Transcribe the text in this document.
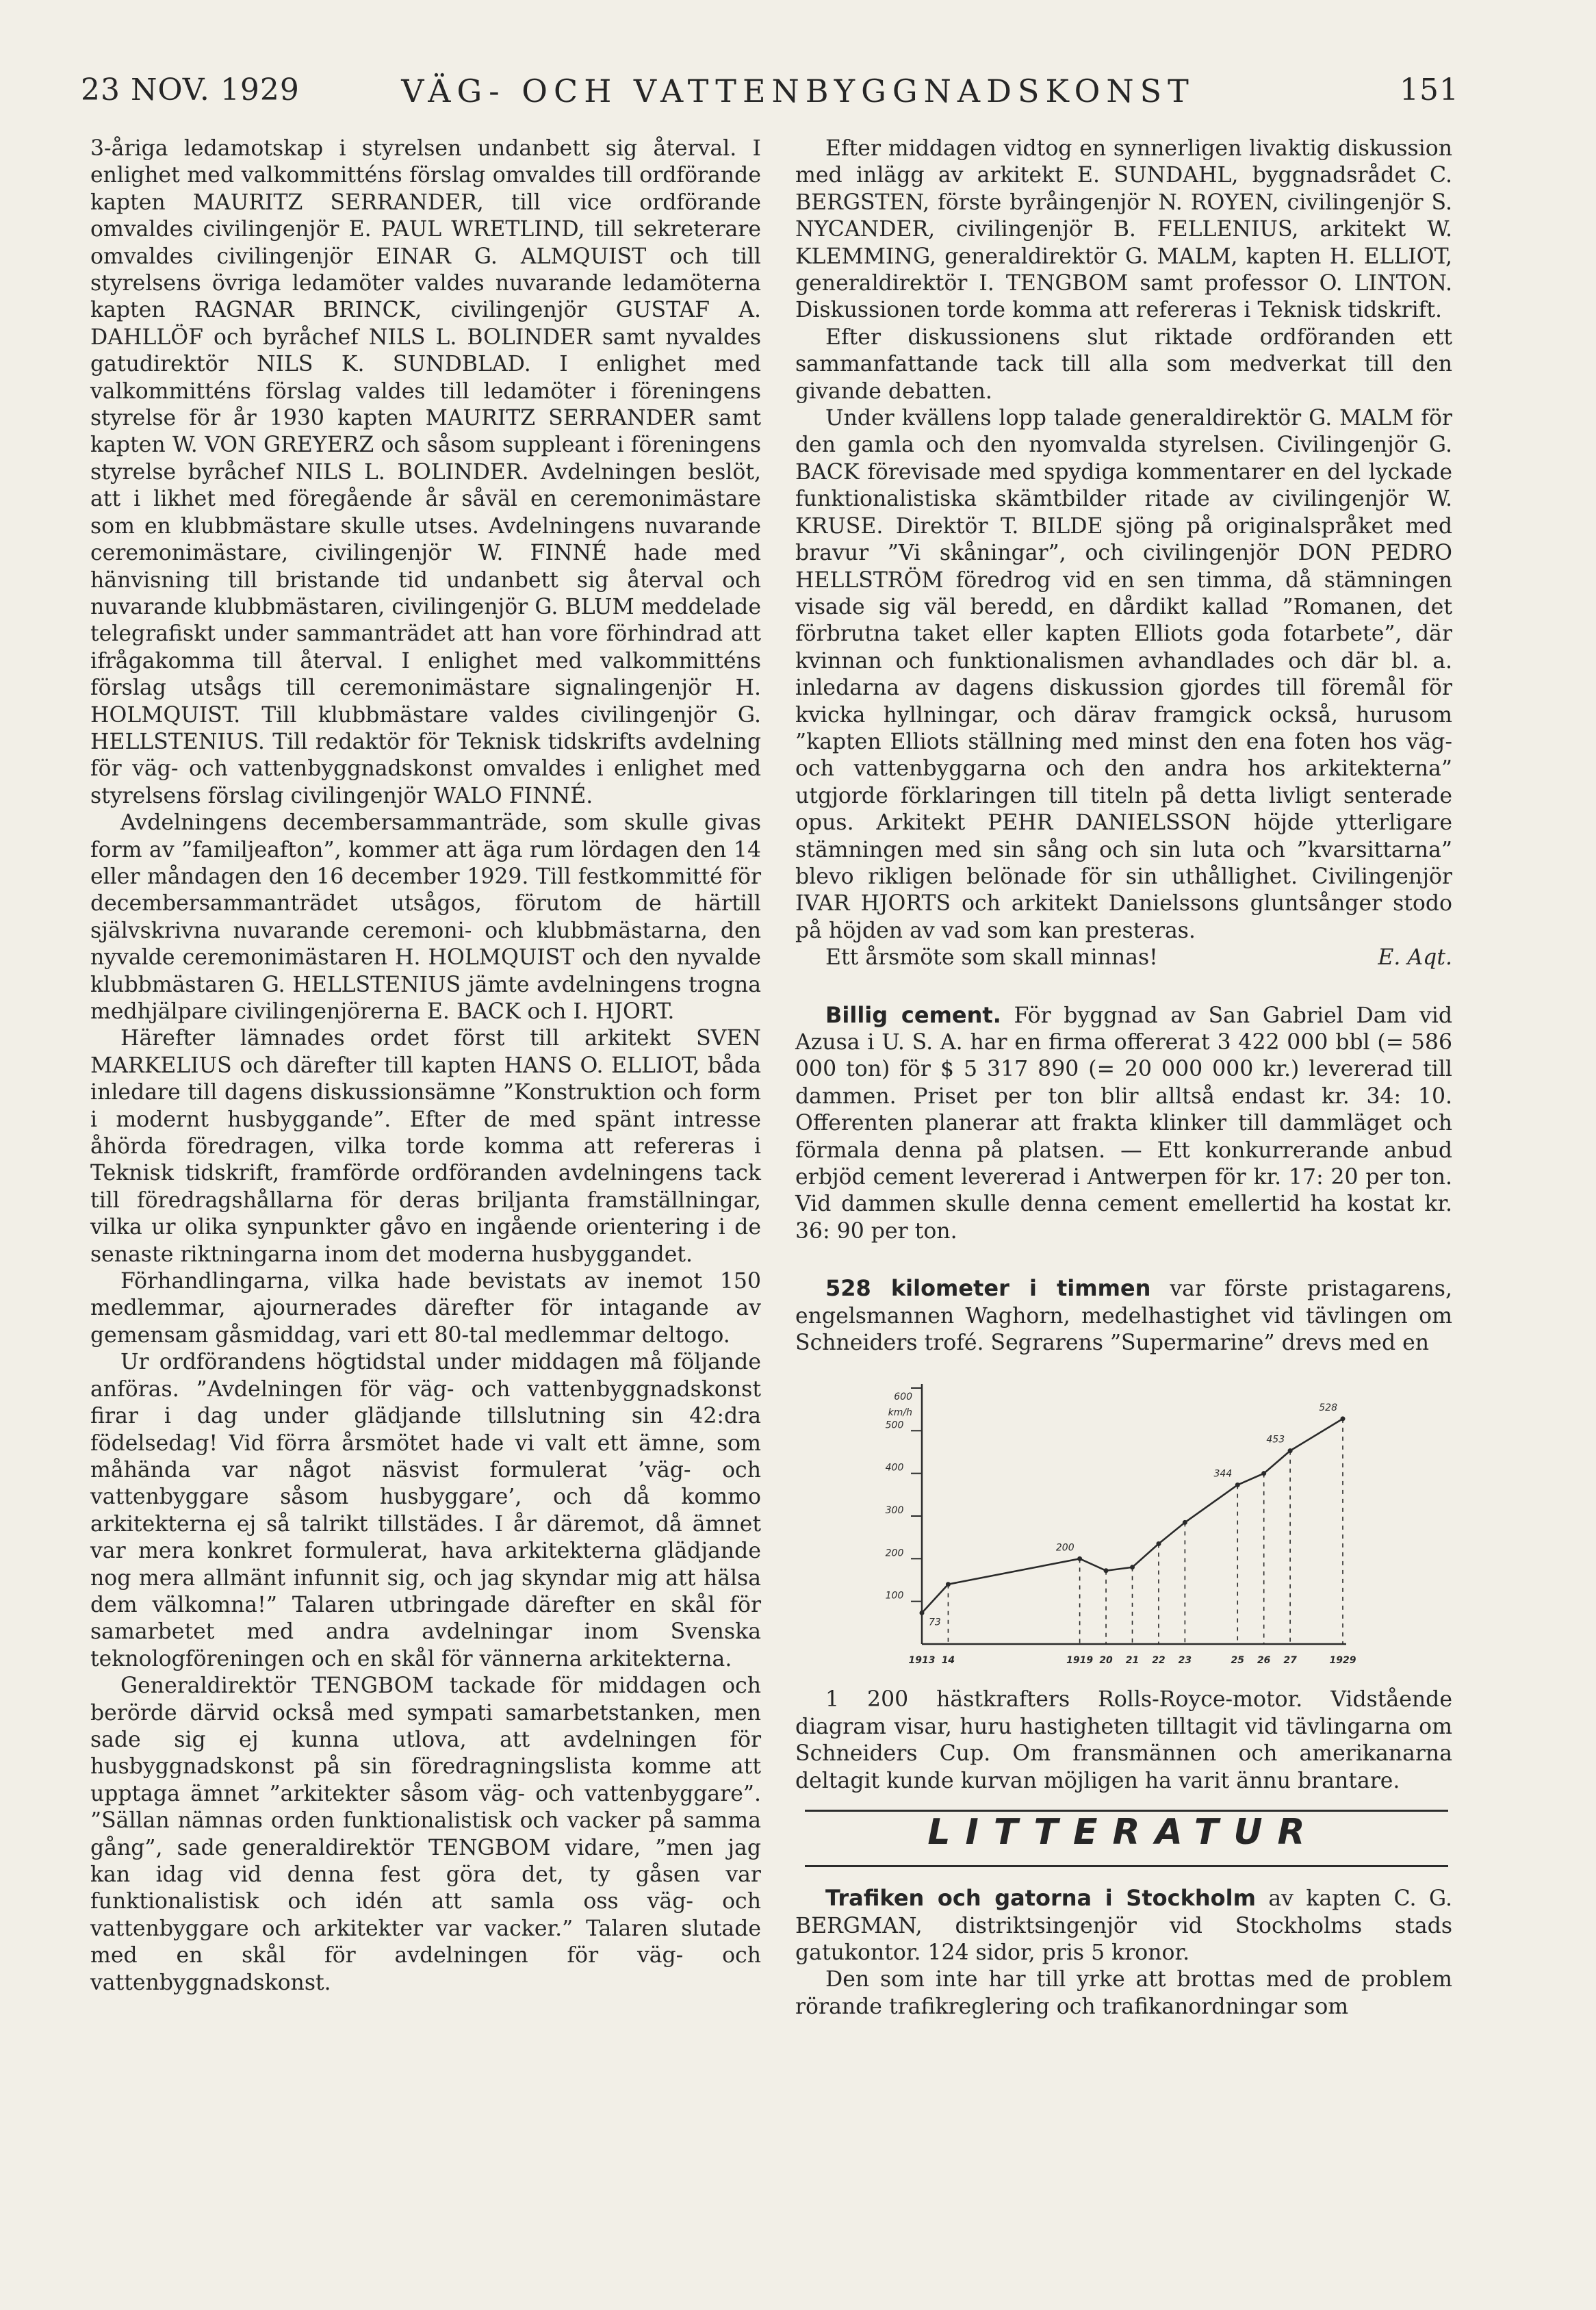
23 NOV. 1929	VÄG- OCH VATTENBYGGNADSKONST	151

3-åriga ledamotskap i styrelsen undanbett sig återval. I enlighet med valkommitténs förslag omvaldes till ordförande kapten MAURITZ SERRANDER, till vice ordförande omvaldes civilingenjör E. PAUL WRETLIND, till sekreterare omvaldes civilingenjör EINAR G. ALMQUIST och till styrelsens övriga ledamöter valdes nuvarande ledamöterna kapten RAGNAR BRINCK, civilingenjör GUSTAF A. DAHLLÖF och byråchef NILS L. BOLINDER samt nyvaldes gatudirektör NILS K. SUNDBLAD. I enlighet med valkommitténs förslag valdes till ledamöter i föreningens styrelse för år 1930 kapten MAURITZ SERRANDER samt kapten W. VON GREYERZ och såsom suppleant i föreningens styrelse byråchef NILS L. BOLINDER. Avdelningen beslöt, att i likhet med föregående år såväl en ceremonimästare som en klubbmästare skulle utses. Avdelningens nuvarande ceremonimästare, civilingenjör W. FINNÉ hade med hänvisning till bristande tid undanbett sig återval och nuvarande klubbmästaren, civilingenjör G. BLUM meddelade telegrafiskt under sammanträdet att han vore förhindrad att ifrågakomma till återval. I enlighet med valkommitténs förslag utsågs till ceremonimästare signalingenjör H. HOLMQUIST. Till klubbmästare valdes civilingenjör G. HELLSTENIUS. Till redaktör för Teknisk tidskrifts avdelning för väg- och vattenbyggnadskonst omvaldes i enlighet med styrelsens förslag civilingenjör WALO FINNÉ.

Avdelningens decembersammanträde, som skulle givas form av ”familjeafton”, kommer att äga rum lördagen den 14 eller måndagen den 16 december 1929. Till festkommitté för decembersammanträdet utsågos, förutom de härtill självskrivna nuvarande ceremoni- och klubbmästarna, den nyvalde ceremonimästaren H. HOLMQUIST och den nyvalde klubbmästaren G. HELLSTENIUS jämte avdelningens trogna medhjälpare civilingenjörerna E. BACK och I. HJORT.

Härefter lämnades ordet först till arkitekt SVEN MARKELIUS och därefter till kapten HANS O. ELLIOT, båda inledare till dagens diskussionsämne ”Konstruktion och form i modernt husbyggande”. Efter de med spänt intresse åhörda föredragen, vilka torde komma att refereras i Teknisk tidskrift, framförde ordföranden avdelningens tack till föredragshållarna för deras briljanta framställningar, vilka ur olika synpunkter gåvo en ingående orientering i de senaste riktningarna inom det moderna husbyggandet.

Förhandlingarna, vilka hade bevistats av inemot 150 medlemmar, ajournerades därefter för intagande av gemensam gåsmiddag, vari ett 80-tal medlemmar deltogo.

Ur ordförandens högtidstal under middagen må följande anföras. ”Avdelningen för väg- och vattenbyggnadskonst firar i dag under glädjande tillslutning sin 42:dra födelsedag! Vid förra årsmötet hade vi valt ett ämne, som måhända var något näsvist formulerat ’väg- och vattenbyggare såsom husbyggare’, och då kommo arkitekterna ej så talrikt tillstädes. I år däremot, då ämnet var mera konkret formulerat, hava arkitekterna glädjande nog mera allmänt infunnit sig, och jag skyndar mig att hälsa dem välkomna!” Talaren utbringade därefter en skål för samarbetet med andra avdelningar inom Svenska teknologföreningen och en skål för vännerna arkitekterna.

Generaldirektör TENGBOM tackade för middagen och berörde därvid också med sympati samarbetstanken, men sade sig ej kunna utlova, att avdelningen för husbyggnadskonst på sin föredragningslista komme att upptaga ämnet ”arkitekter såsom väg- och vattenbyggare”. ”Sällan nämnas orden funktionalistisk och vacker på samma gång”, sade generaldirektör TENGBOM vidare, ”men jag kan idag vid denna fest göra det, ty gåsen var funktionalistisk och idén att samla oss väg- och vattenbyggare och arkitekter var vacker.” Talaren slutade med en skål för avdelningen för väg- och vattenbyggnadskonst.

Efter middagen vidtog en synnerligen livaktig diskussion med inlägg av arkitekt E. SUNDAHL, byggnadsrådet C. BERGSTEN, förste byråingenjör N. ROYEN, civilingenjör S. NYCANDER, civilingenjör B. FELLENIUS, arkitekt W. KLEMMING, generaldirektör G. MALM, kapten H. ELLIOT, generaldirektör I. TENGBOM samt professor O. LINTON. Diskussionen torde komma att refereras i Teknisk tidskrift.

Efter diskussionens slut riktade ordföranden ett sammanfattande tack till alla som medverkat till den givande debatten.

Under kvällens lopp talade generaldirektör G. MALM för den gamla och den nyomvalda styrelsen. Civilingenjör G. BACK förevisade med spydiga kommentarer en del lyckade funktionalistiska skämtbilder ritade av civilingenjör W. KRUSE. Direktör T. BILDE sjöng på originalspråket med bravur ”Vi skåningar”, och civilingenjör DON PEDRO HELLSTRÖM föredrog vid en sen timma, då stämningen visade sig väl beredd, en dårdikt kallad ”Romanen, det förbrutna taket eller kapten Elliots goda fotarbete”, där kvinnan och funktionalismen avhandlades och där bl. a. inledarna av dagens diskussion gjordes till föremål för kvicka hyllningar, och därav framgick också, hurusom ”kapten Elliots ställning med minst den ena foten hos väg- och vattenbyggarna och den andra hos arkitekterna” utgjorde förklaringen till titeln på detta livligt senterade opus. Arkitekt PEHR DANIELSSON höjde ytterligare stämningen med sin sång och sin luta och ”kvarsittarna” blevo rikligen belönade för sin uthållighet. Civilingenjör IVAR HJORTS och arkitekt Danielssons gluntsånger stodo på höjden av vad som kan presteras.

Ett årsmöte som skall minnas!	E. Aqt.

Billig cement. För byggnad av San Gabriel Dam vid Azusa i U. S. A. har en firma offererat 3 422 000 bbl (= 586 000 ton) för $ 5 317 890 (= 20 000 000 kr.) levererad till dammen. Priset per ton blir alltså endast kr. 34: 10. Offerenten planerar att frakta klinker till dammläget och förmala denna på platsen. — Ett konkurrerande anbud erbjöd cement levererad i Antwerpen för kr. 17: 20 per ton. Vid dammen skulle denna cement emellertid ha kostat kr. 36: 90 per ton.

528 kilometer i timmen var förste pristagarens, engelsmannen Waghorn, medelhastighet vid tävlingen om Schneiders trofé. Segrarens ”Supermarine” drevs med en

600
km/h
100
200
300
400
500
73
200
344
453
528
1913 14	1919 20 21 22 23	25 26 27	1929

1 200 hästkrafters Rolls-Royce-motor. Vidstående diagram visar, huru hastigheten tilltagit vid tävlingarna om Schneiders Cup. Om fransmännen och amerikanarna deltagit kunde kurvan möjligen ha varit ännu brantare.

LITTERATUR

Trafiken och gatorna i Stockholm av kapten C. G. BERGMAN, distriktsingenjör vid Stockholms stads gatukontor. 124 sidor, pris 5 kronor.

Den som inte har till yrke att brottas med de problem rörande trafikreglering och trafikanordningar som
